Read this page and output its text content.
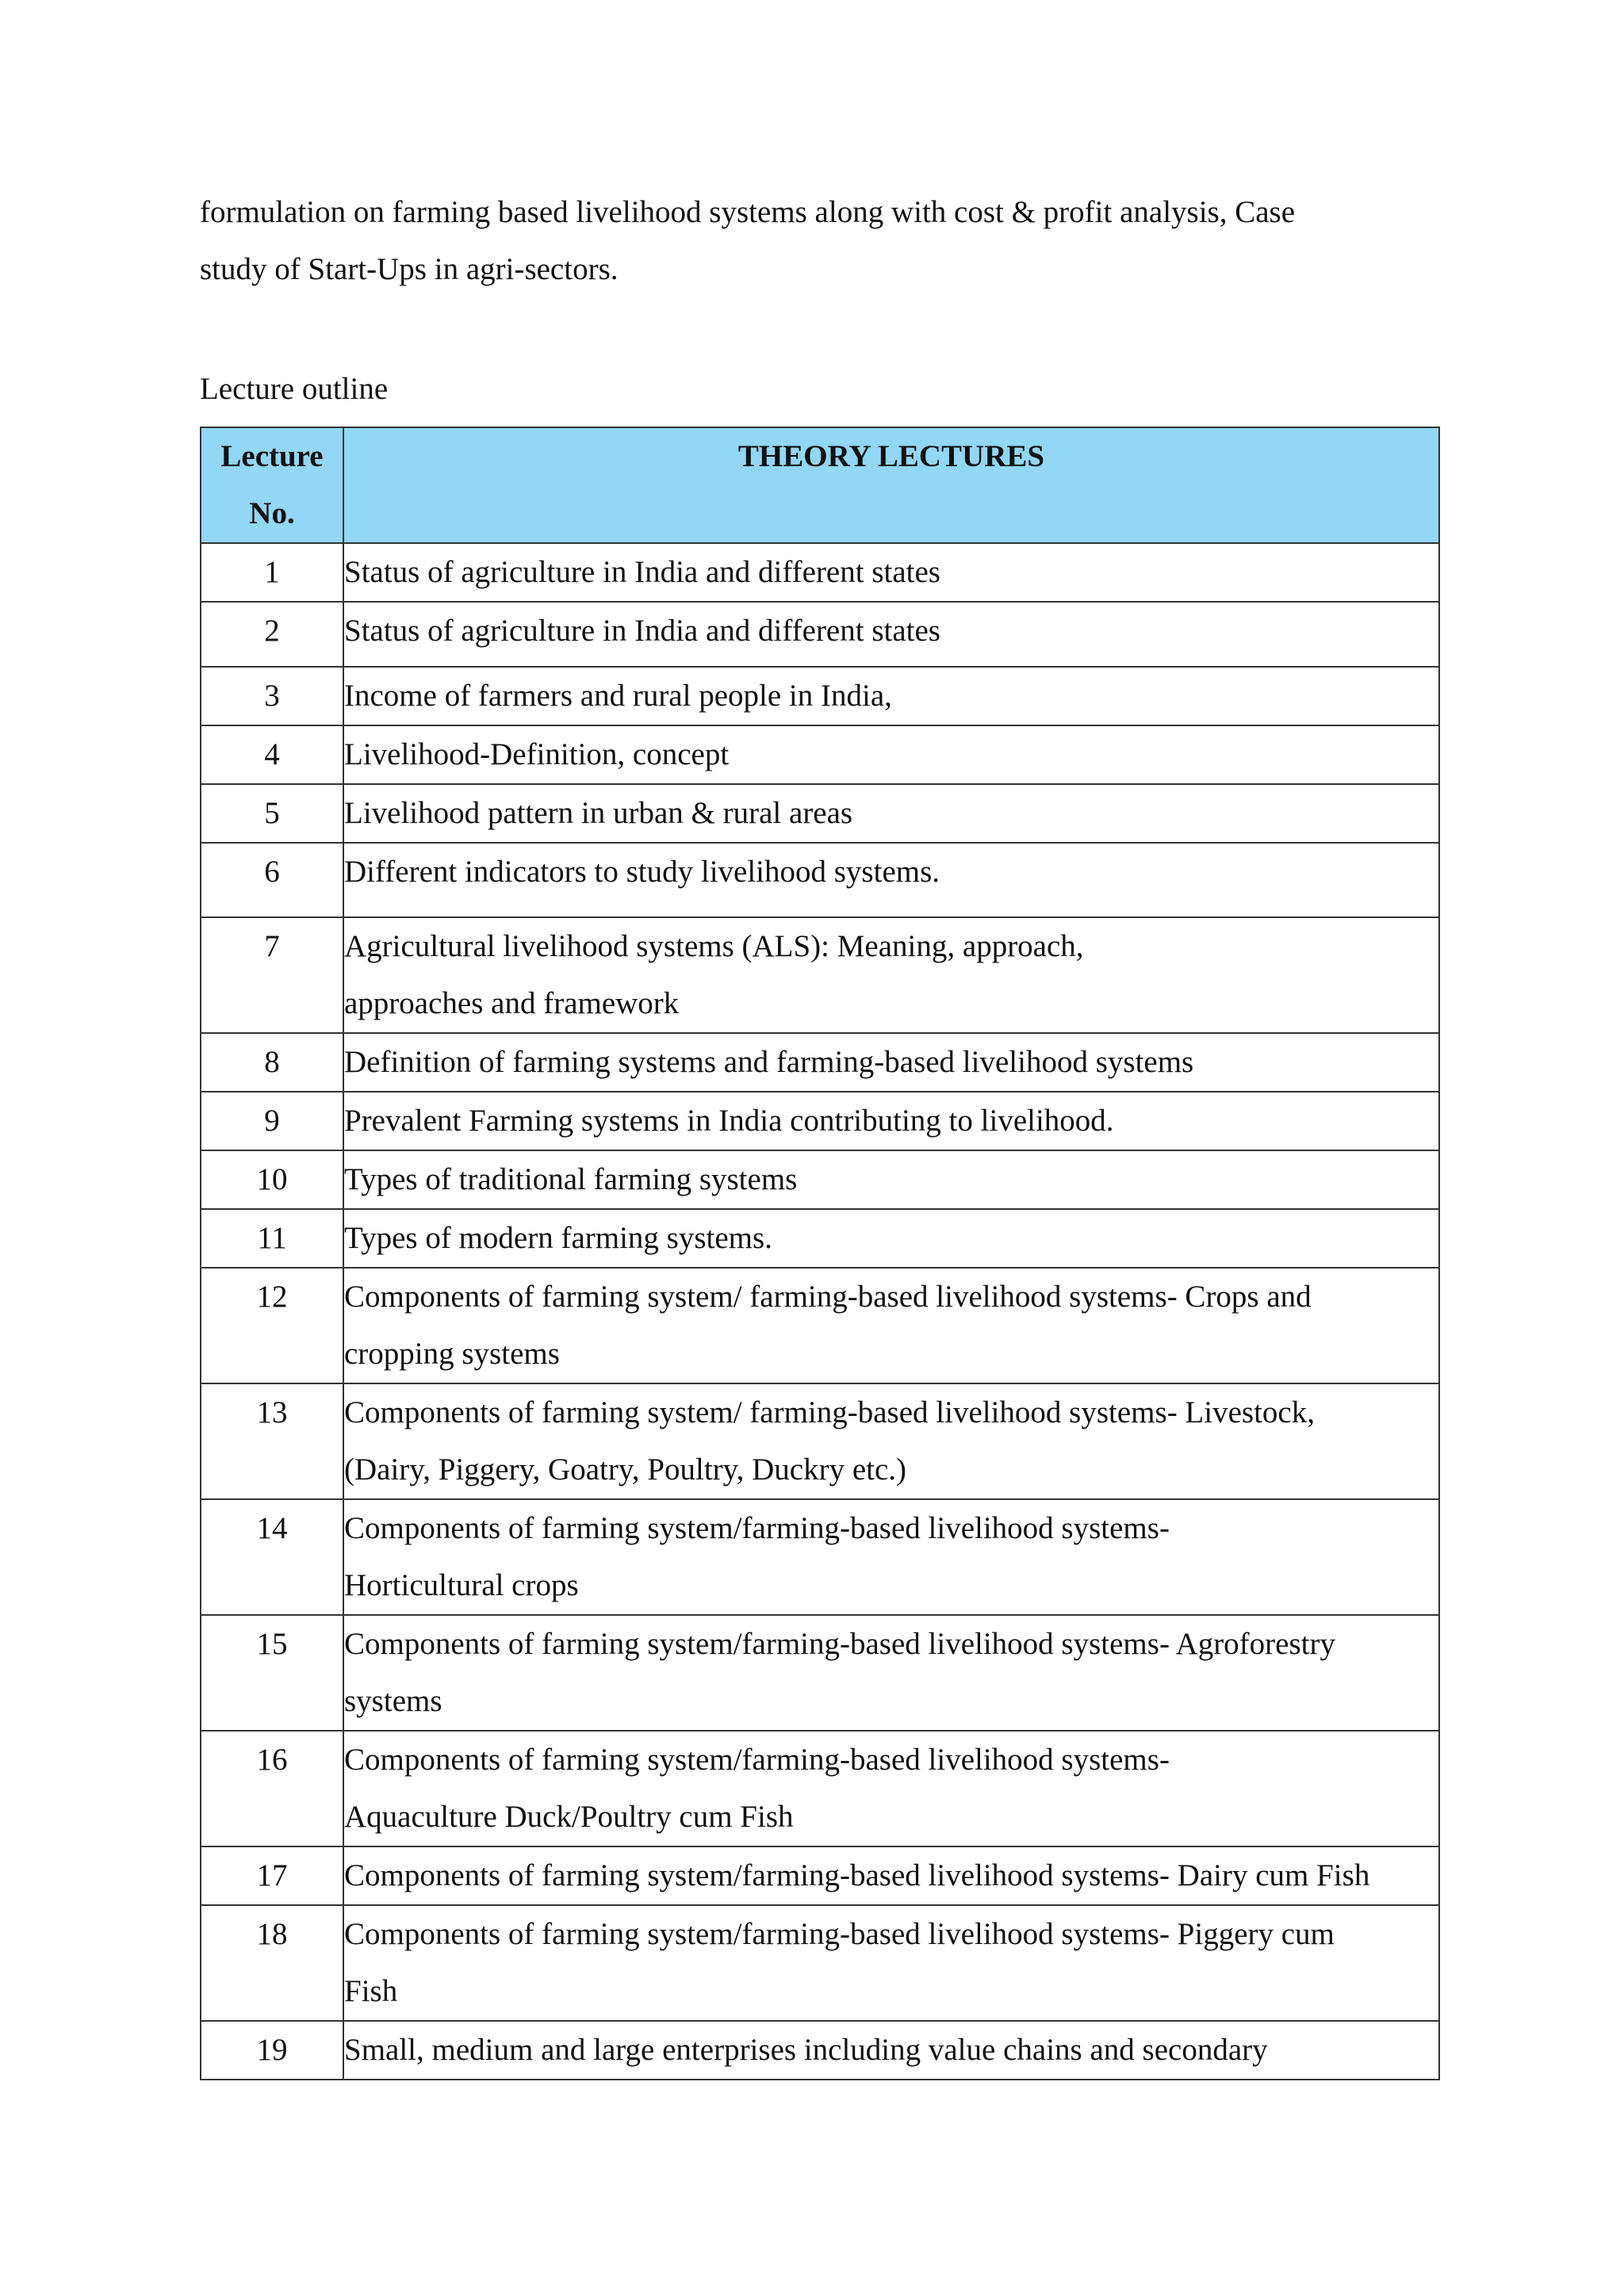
formulation on farming based livelihood systems along with cost & profit analysis, Case
study of Start-Ups in agri-sectors.
Lecture outline
Lecture
No.	THEORY LECTURES
1	Status of agriculture in India and different states
2	Status of agriculture in India and different states
3	Income of farmers and rural people in India,
4	Livelihood-Definition, concept
5	Livelihood pattern in urban & rural areas
6	Different indicators to study livelihood systems.
7	Agricultural livelihood systems (ALS): Meaning, approach,
approaches and framework
8	Definition of farming systems and farming-based livelihood systems
9	Prevalent Farming systems in India contributing to livelihood.
10	Types of traditional farming systems
11	Types of modern farming systems.
12	Components of farming system/ farming-based livelihood systems- Crops and
cropping systems
13	Components of farming system/ farming-based livelihood systems- Livestock,
(Dairy, Piggery, Goatry, Poultry, Duckry etc.)
14	Components of farming system/farming-based livelihood systems-
Horticultural crops
15	Components of farming system/farming-based livelihood systems- Agroforestry
systems
16	Components of farming system/farming-based livelihood systems-
Aquaculture Duck/Poultry cum Fish
17	Components of farming system/farming-based livelihood systems- Dairy cum Fish
18	Components of farming system/farming-based livelihood systems- Piggery cum
Fish
19	Small, medium and large enterprises including value chains and secondary
